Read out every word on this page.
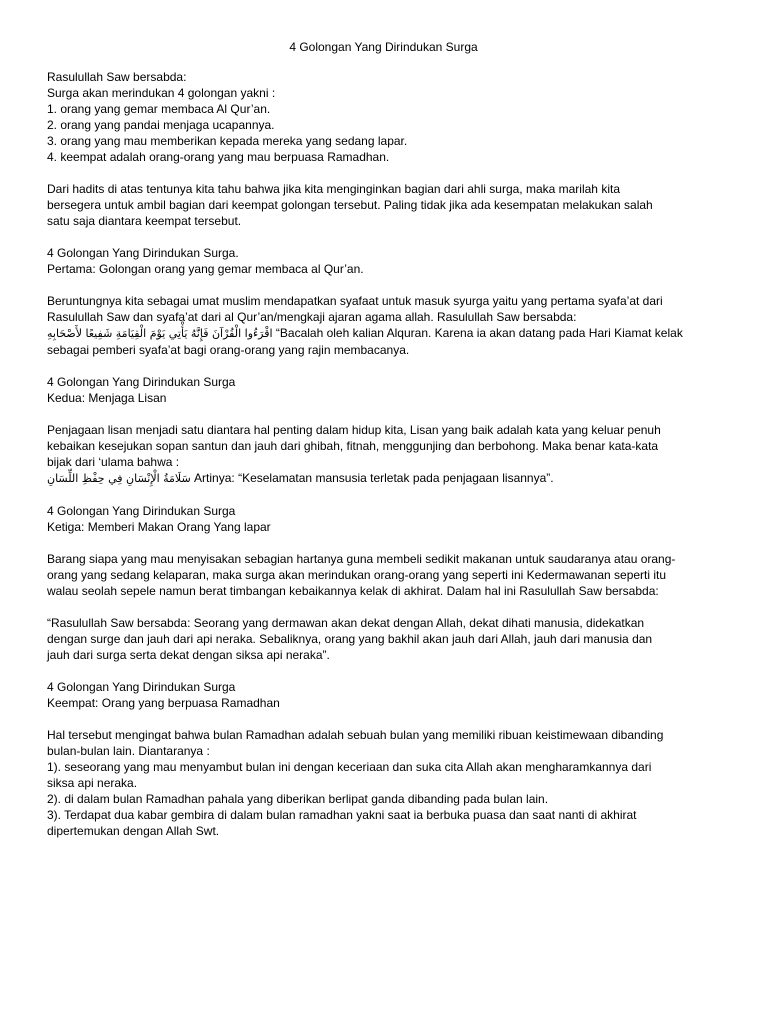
4 Golongan Yang Dirindukan Surga

Rasulullah Saw bersabda:
Surga akan merindukan 4 golongan yakni :
1. orang yang gemar membaca Al Qur’an.
2. orang yang pandai menjaga ucapannya.
3. orang yang mau memberikan kepada mereka yang sedang lapar.
4. keempat adalah orang-orang yang mau berpuasa Ramadhan.

Dari hadits di atas tentunya kita tahu bahwa jika kita menginginkan bagian dari ahli surga, maka marilah kita
bersegera untuk ambil bagian dari keempat golongan tersebut. Paling tidak jika ada kesempatan melakukan salah
satu saja diantara keempat tersebut.

4 Golongan Yang Dirindukan Surga.
Pertama: Golongan orang yang gemar membaca al Qur’an.

Beruntungnya kita sebagai umat muslim mendapatkan syafaat untuk masuk syurga yaitu yang pertama syafa’at dari
Rasulullah Saw dan syafa’at dari al Qur’an/mengkaji ajaran agama allah. Rasulullah Saw bersabda:
اقْرَءُوا الْقُرْآنَ فَإِنَّهُ يَأْتِي يَوْمَ الْقِيَامَةِ شَفِيعًا لأَصْحَابِهِ “Bacalah oleh kalian Alquran. Karena ia akan datang pada Hari Kiamat kelak
sebagai pemberi syafa’at bagi orang-orang yang rajin membacanya.

4 Golongan Yang Dirindukan Surga
Kedua: Menjaga Lisan

Penjagaan lisan menjadi satu diantara hal penting dalam hidup kita, Lisan yang baik adalah kata yang keluar penuh
kebaikan kesejukan sopan santun dan jauh dari ghibah, fitnah, menggunjing dan berbohong. Maka benar kata-kata
bijak dari ‘ulama bahwa :
سَلَامَةُ الْإِنْسَانِ فِي حِفْظِ اللِّسَانِ Artinya: “Keselamatan mansusia terletak pada penjagaan lisannya”.

4 Golongan Yang Dirindukan Surga
Ketiga: Memberi Makan Orang Yang lapar

Barang siapa yang mau menyisakan sebagian hartanya guna membeli sedikit makanan untuk saudaranya atau orang-
orang yang sedang kelaparan, maka surga akan merindukan orang-orang yang seperti ini Kedermawanan seperti itu
walau seolah sepele namun berat timbangan kebaikannya kelak di akhirat. Dalam hal ini Rasulullah Saw bersabda:

“Rasulullah Saw bersabda: Seorang yang dermawan akan dekat dengan Allah, dekat dihati manusia, didekatkan
dengan surge dan jauh dari api neraka. Sebaliknya, orang yang bakhil akan jauh dari Allah, jauh dari manusia dan
jauh dari surga serta dekat dengan siksa api neraka”.

4 Golongan Yang Dirindukan Surga
Keempat: Orang yang berpuasa Ramadhan

Hal tersebut mengingat bahwa bulan Ramadhan adalah sebuah bulan yang memiliki ribuan keistimewaan dibanding
bulan-bulan lain. Diantaranya :
1). seseorang yang mau menyambut bulan ini dengan keceriaan dan suka cita Allah akan mengharamkannya dari
siksa api neraka.
2). di dalam bulan Ramadhan pahala yang diberikan berlipat ganda dibanding pada bulan lain.
3). Terdapat dua kabar gembira di dalam bulan ramadhan yakni saat ia berbuka puasa dan saat nanti di akhirat
dipertemukan dengan Allah Swt.
